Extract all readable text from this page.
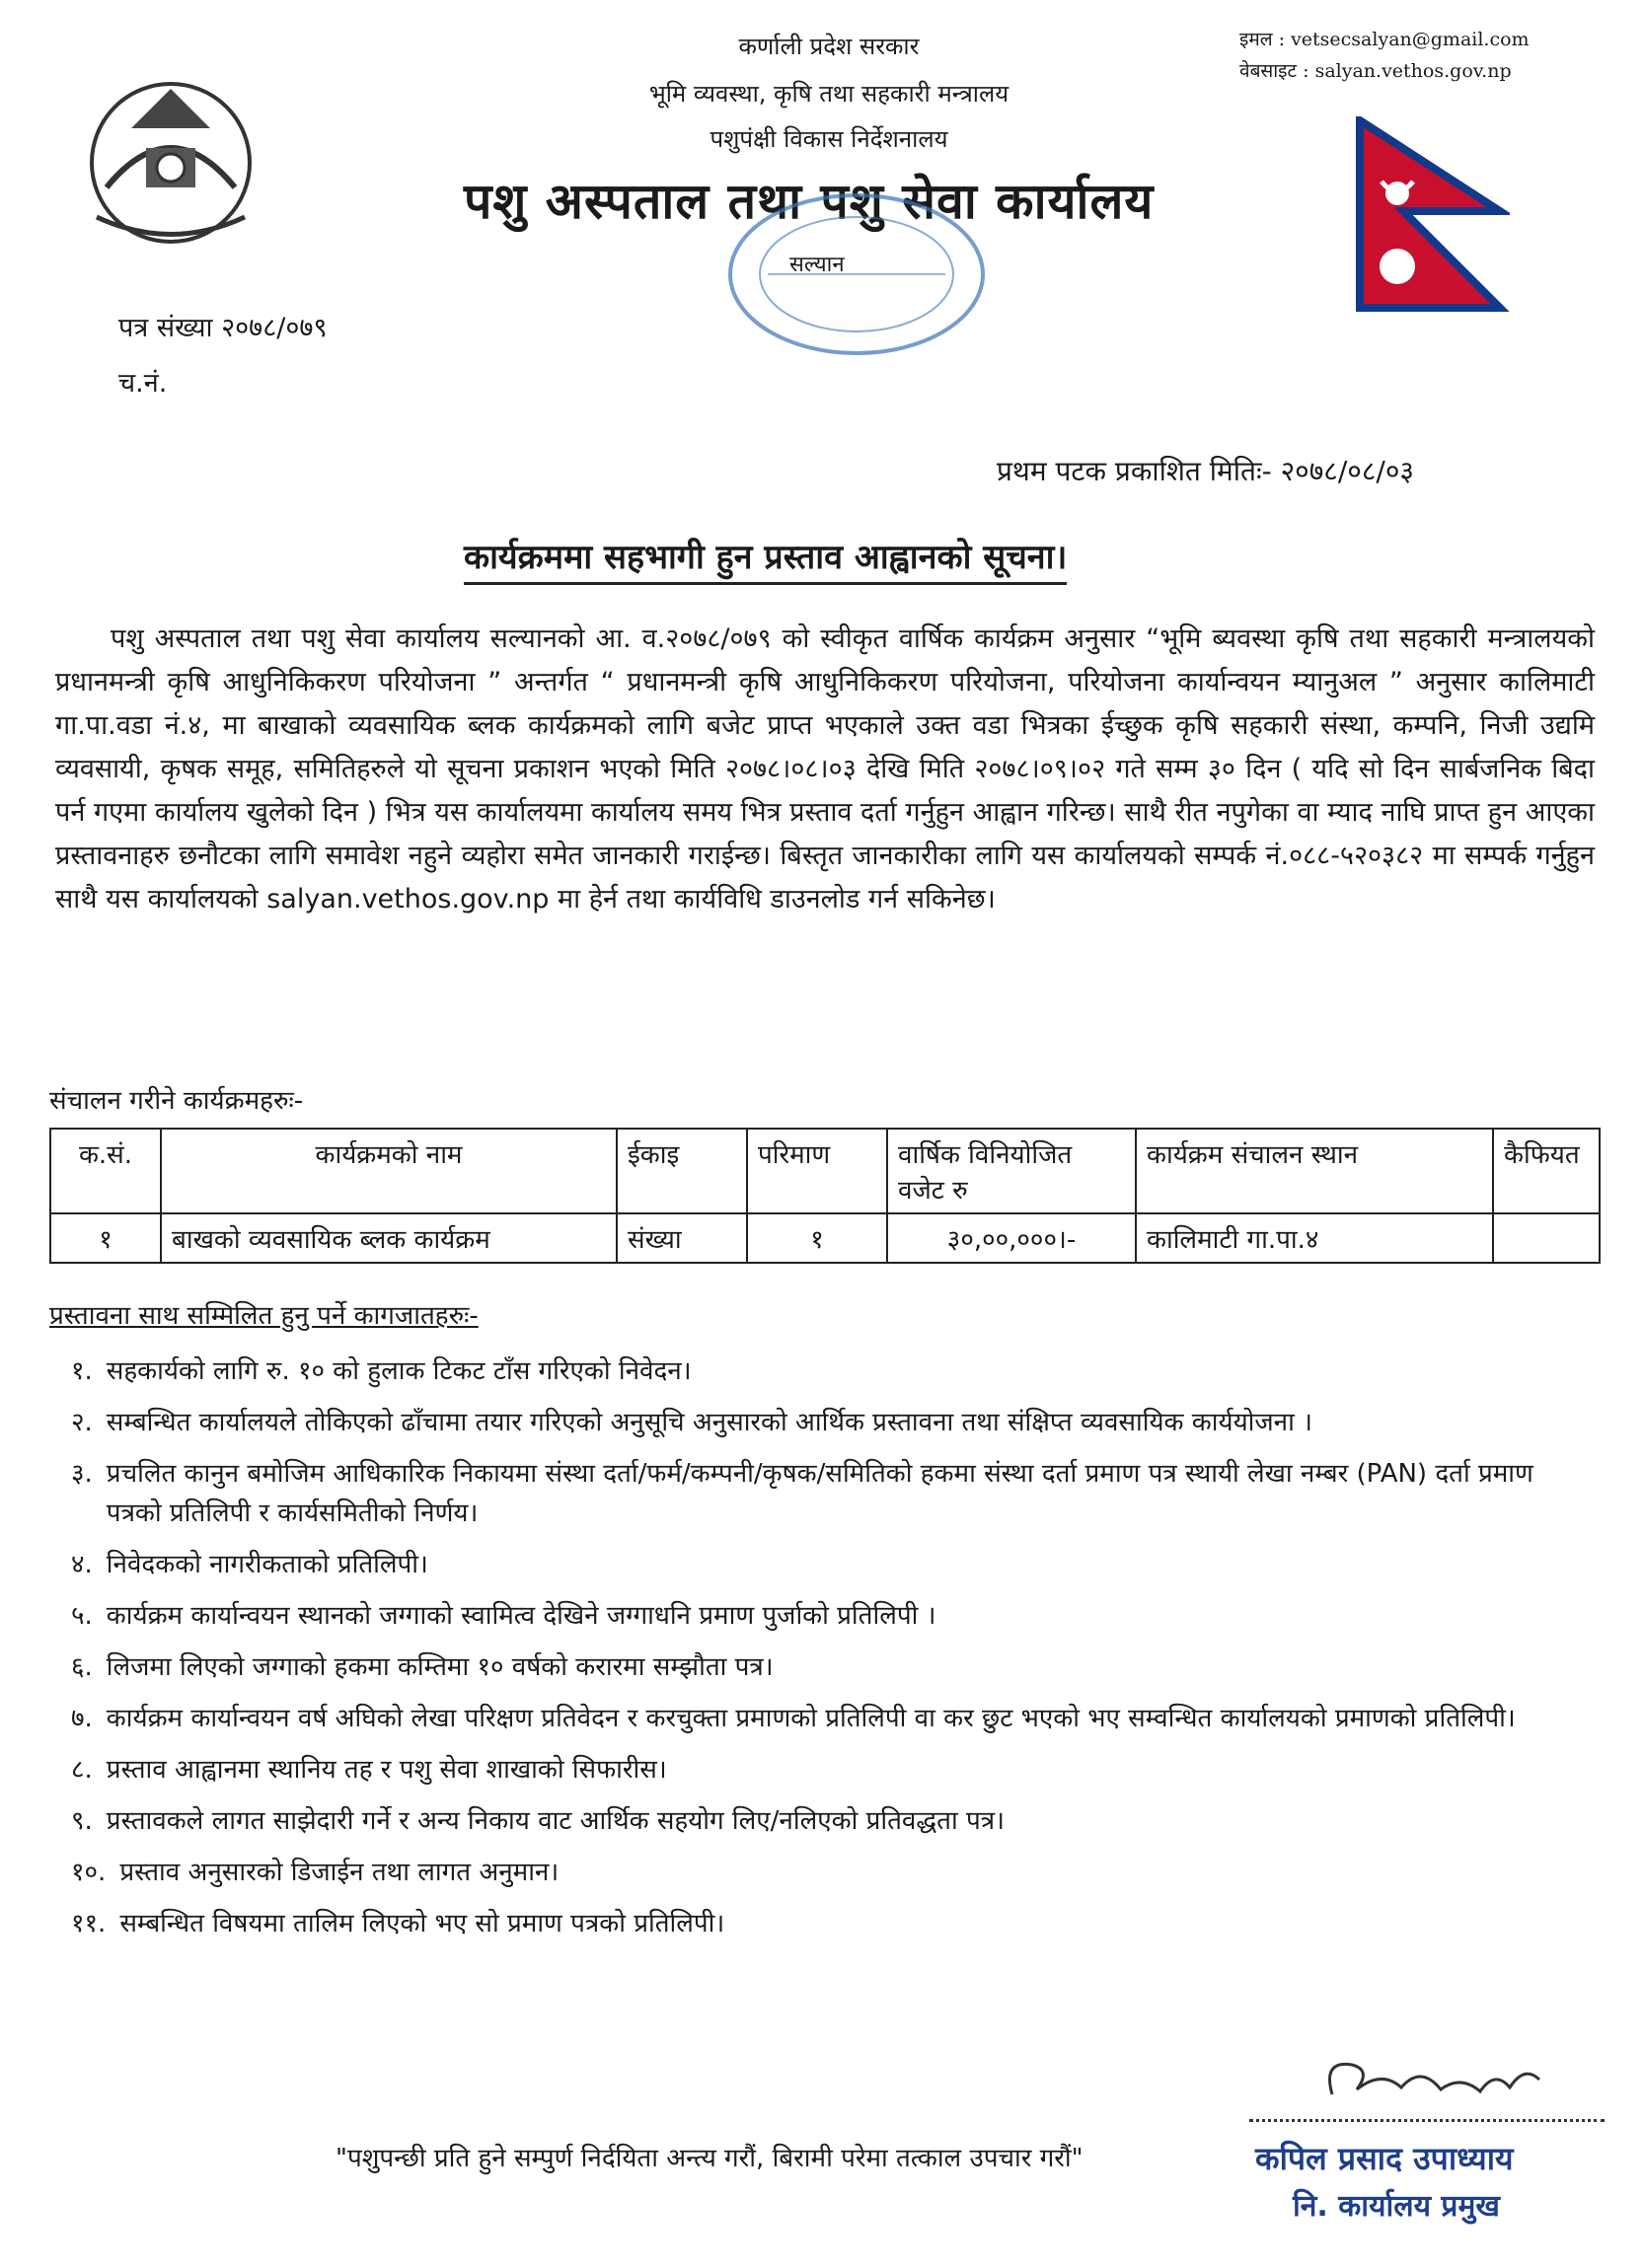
कर्णाली प्रदेश सरकार
भूमि व्यवस्था, कृषि तथा सहकारी मन्त्रालय
पशुपंक्षी विकास निर्देशनालय
इमल : vetsecsalyan@gmail.com
वेबसाइट : salyan.vethos.gov.np
पशु अस्पताल तथा पशु सेवा कार्यालय
सल्यान
पत्र संख्या २०७८/०७९
च.नं.
प्रथम पटक प्रकाशित मितिः- २०७८/०८/०३
कार्यक्रममा सहभागी हुन प्रस्ताव आह्वानको सूचना।
पशु अस्पताल तथा पशु सेवा कार्यालय सल्यानको आ. व.२०७८/०७९ को स्वीकृत वार्षिक कार्यक्रम अनुसार “भूमि ब्यवस्था कृषि तथा सहकारी मन्त्रालयको प्रधानमन्त्री कृषि आधुनिकिकरण परियोजना ” अन्तर्गत “ प्रधानमन्त्री कृषि आधुनिकिकरण परियोजना, परियोजना कार्यान्वयन म्यानुअल ” अनुसार कालिमाटी गा.पा.वडा नं.४, मा बाखाको व्यवसायिक ब्लक कार्यक्रमको लागि बजेट प्राप्त भएकाले उक्त वडा भित्रका ईच्छुक कृषि सहकारी संस्था, कम्पनि, निजी उद्यमि व्यवसायी, कृषक समूह, समितिहरुले यो सूचना प्रकाशन भएको मिति २०७८।०८।०३ देखि मिति २०७८।०९।०२ गते सम्म ३० दिन ( यदि सो दिन सार्बजनिक बिदा पर्न गएमा कार्यालय खुलेको दिन ) भित्र यस कार्यालयमा कार्यालय समय भित्र प्रस्ताव दर्ता गर्नुहुन आह्वान गरिन्छ। साथै रीत नपुगेका वा म्याद नाघि प्राप्त हुन आएका प्रस्तावनाहरु छनौटका लागि समावेश नहुने व्यहोरा समेत जानकारी गराईन्छ। बिस्तृत जानकारीका लागि यस कार्यालयको सम्पर्क नं.०८८-५२०३८२ मा सम्पर्क गर्नुहुन साथै यस कार्यालयको salyan.vethos.gov.np मा हेर्न तथा कार्यविधि डाउनलोड गर्न सकिनेछ।
संचालन गरीने कार्यक्रमहरुः-
क.सं.	कार्यक्रमको नाम	ईकाइ	परिमाण	वार्षिक विनियोजित वजेट रु	कार्यक्रम संचालन स्थान	कैफियत
१	बाखको व्यवसायिक ब्लक कार्यक्रम	संख्या	१	३०,००,०००।-	कालिमाटी गा.पा.४	
प्रस्तावना साथ सम्मिलित हुनु पर्ने कागजातहरुः-
१. सहकार्यको लागि रु. १० को हुलाक टिकट टाँस गरिएको निवेदन।
२. सम्बन्धित कार्यालयले तोकिएको ढाँचामा तयार गरिएको अनुसूचि अनुसारको आर्थिक प्रस्तावना तथा संक्षिप्त व्यवसायिक कार्ययोजना ।
३. प्रचलित कानुन बमोजिम आधिकारिक निकायमा संस्था दर्ता/फर्म/कम्पनी/कृषक/समितिको हकमा संस्था दर्ता प्रमाण पत्र स्थायी लेखा नम्बर (PAN) दर्ता प्रमाण पत्रको प्रतिलिपी र कार्यसमितीको निर्णय।
४. निवेदकको नागरीकताको प्रतिलिपी।
५. कार्यक्रम कार्यान्वयन स्थानको जग्गाको स्वामित्व देखिने जग्गाधनि प्रमाण पुर्जाको प्रतिलिपी ।
६. लिजमा लिएको जग्गाको हकमा कम्तिमा १० वर्षको करारमा सम्झौता पत्र।
७. कार्यक्रम कार्यान्वयन वर्ष अघिको लेखा परिक्षण प्रतिवेदन र करचुक्ता प्रमाणको प्रतिलिपी वा कर छुट भएको भए सम्वन्धित कार्यालयको प्रमाणको प्रतिलिपी।
८. प्रस्ताव आह्वानमा स्थानिय तह र पशु सेवा शाखाको सिफारीस।
९. प्रस्तावकले लागत साझेदारी गर्ने र अन्य निकाय वाट आर्थिक सहयोग लिए/नलिएको प्रतिवद्धता पत्र।
१०. प्रस्ताव अनुसारको डिजाईन तथा लागत अनुमान।
११. सम्बन्धित विषयमा तालिम लिएको भए सो प्रमाण पत्रको प्रतिलिपी।
"पशुपन्छी प्रति हुने सम्पुर्ण निर्दयिता अन्त्य गरौं, बिरामी परेमा तत्काल उपचार गरौं"	कपिल प्रसाद उपाध्याय
नि. कार्यालय प्रमुख
